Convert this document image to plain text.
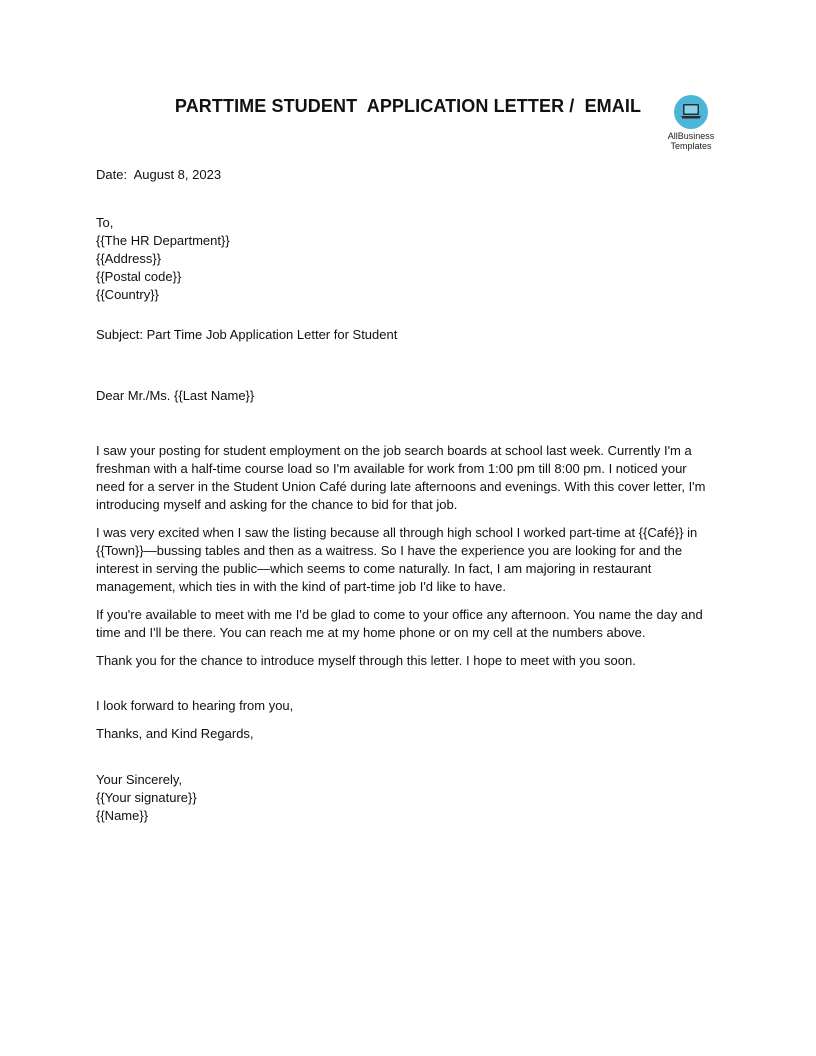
PARTTIME STUDENT  APPLICATION LETTER /  EMAIL
AllBusiness
Templates
Date: August 8, 2023
To,
{{The HR Department}}
{{Address}}
{{Postal code}}
{{Country}}
Subject: Part Time Job Application Letter for Student
Dear Mr./Ms. {{Last Name}}

I saw your posting for student employment on the job search boards at school last week. Currently I'm a freshman with a half-time course load so I'm available for work from 1:00 pm till 8:00 pm. I noticed your need for a server in the Student Union Café during late afternoons and evenings. With this cover letter, I'm introducing myself and asking for the chance to bid for that job.

I was very excited when I saw the listing because all through high school I worked part-time at {{Café}} in {{Town}}—bussing tables and then as a waitress. So I have the experience you are looking for and the interest in serving the public—which seems to come naturally. In fact, I am majoring in restaurant management, which ties in with the kind of part-time job I'd like to have.

If you're available to meet with me I'd be glad to come to your office any afternoon. You name the day and time and I'll be there. You can reach me at my home phone or on my cell at the numbers above.

Thank you for the chance to introduce myself through this letter. I hope to meet with you soon.

I look forward to hearing from you,
Thanks, and Kind Regards,
Your Sincerely,
{{Your signature}}
{{Name}}
